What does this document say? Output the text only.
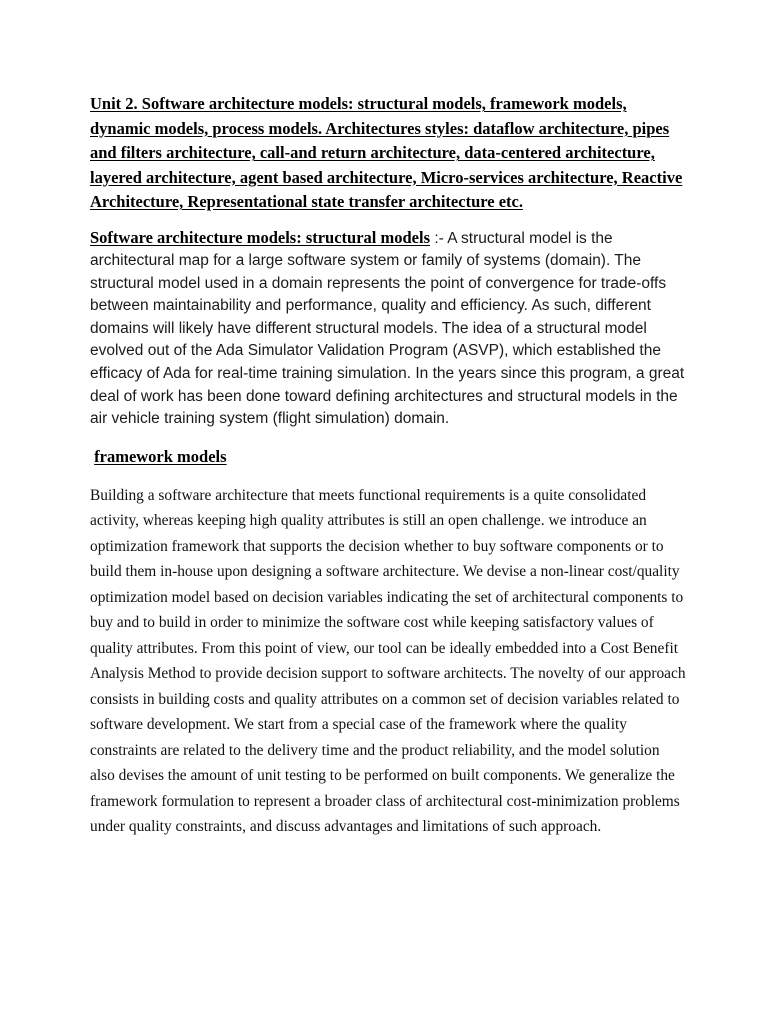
Unit 2. Software architecture models: structural models, framework models, dynamic models, process models. Architectures styles: dataflow architecture, pipes and filters architecture, call-and return architecture, data-centered architecture, layered architecture, agent based architecture, Micro-services architecture, Reactive Architecture, Representational state transfer architecture etc.

Software architecture models: structural models :- A structural model is the architectural map for a large software system or family of systems (domain). The structural model used in a domain represents the point of convergence for trade-offs between maintainability and performance, quality and efficiency. As such, different domains will likely have different structural models. The idea of a structural model evolved out of the Ada Simulator Validation Program (ASVP), which established the efficacy of Ada for real-time training simulation. In the years since this program, a great deal of work has been done toward defining architectures and structural models in the air vehicle training system (flight simulation) domain.

framework models

Building a software architecture that meets functional requirements is a quite consolidated activity, whereas keeping high quality attributes is still an open challenge. we introduce an optimization framework that supports the decision whether to buy software components or to build them in-house upon designing a software architecture. We devise a non-linear cost/quality optimization model based on decision variables indicating the set of architectural components to buy and to build in order to minimize the software cost while keeping satisfactory values of quality attributes. From this point of view, our tool can be ideally embedded into a Cost Benefit Analysis Method to provide decision support to software architects. The novelty of our approach consists in building costs and quality attributes on a common set of decision variables related to software development. We start from a special case of the framework where the quality constraints are related to the delivery time and the product reliability, and the model solution also devises the amount of unit testing to be performed on built components. We generalize the framework formulation to represent a broader class of architectural cost-minimization problems under quality constraints, and discuss advantages and limitations of such approach.
